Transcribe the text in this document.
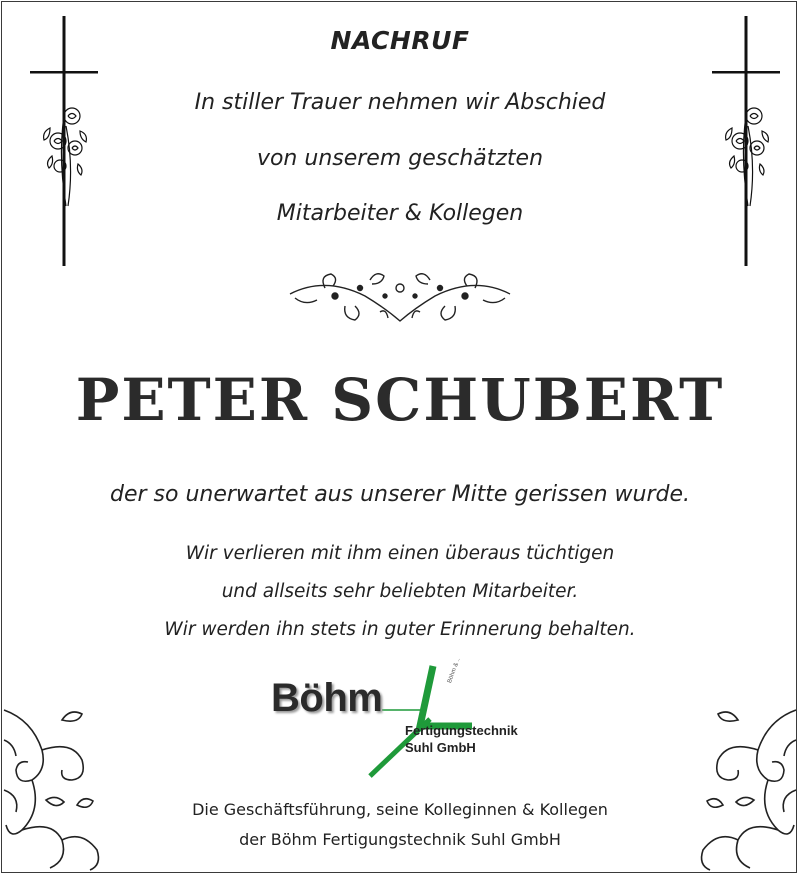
NACHRUF
In stiller Trauer nehmen wir Abschied
von unserem geschätzten
Mitarbeiter & Kollegen
PETER SCHUBERT
der so unerwartet aus unserer Mitte gerissen wurde.
Wir verlieren mit ihm einen überaus tüchtigen
und allseits sehr beliebten Mitarbeiter.
Wir werden ihn stets in guter Erinnerung behalten.
Böhm
Böhm & ..
Fertigungstechnik
Suhl GmbH
Die Geschäftsführung, seine Kolleginnen & Kollegen
der Böhm Fertigungstechnik Suhl GmbH
